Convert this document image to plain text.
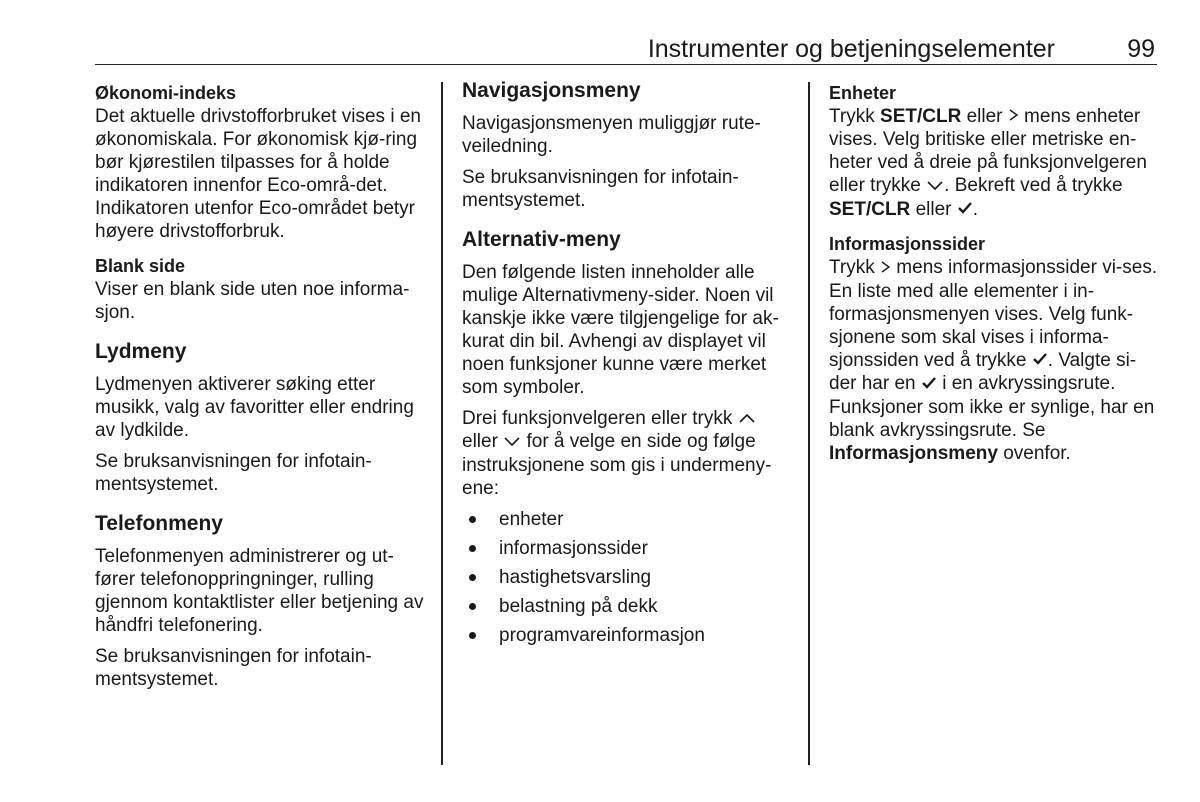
Instrumenter og betjeningselementer	99
Økonomi-indeks

Det aktuelle drivstofforbruket vises i en økonomiskala. For økonomisk kjø-ring bør kjørestilen tilpasses for å holde indikatoren innenfor Eco-områ-det. Indikatoren utenfor Eco-området betyr høyere drivstofforbruk.

Blank side

Viser en blank side uten noe informa-sjon.

Lydmeny

Lydmenyen aktiverer søking etter musikk, valg av favoritter eller endring av lydkilde.

Se bruksanvisningen for infotain-mentsystemet.

Telefonmeny

Telefonmenyen administrerer og ut-fører telefonoppringninger, rulling gjennom kontaktlister eller betjening av håndfri telefonering.

Se bruksanvisningen for infotain-mentsystemet.

Navigasjonsmeny

Navigasjonsmenyen muliggjør rute-veiledning.

Se bruksanvisningen for infotain-mentsystemet.

Alternativ-meny

Den følgende listen inneholder alle mulige Alternativmeny-sider. Noen vil kanskje ikke være tilgjengelige for ak-kurat din bil. Avhengi av displayet vil noen funksjoner kunne være merket som symboler.

Drei funksjonvelgeren eller trykk
eller for å velge en side og følge instruksjonene som gis i undermeny-ene:

enheter
informasjonssider
hastighetsvarsling
belastning på dekk
programvareinformasjon
Enheter

Trykk SET/CLR eller mens enheter vises. Velg britiske eller metriske en-heter ved å dreie på funksjonvelgeren eller trykke . Bekreft ved å trykke SET/CLR eller .

Informasjonssider

Trykk mens informasjonssider vi-ses. En liste med alle elementer i in-formasjonsmenyen vises. Velg funk-sjonene som skal vises i informa-sjonssiden ved å trykke . Valgte si-der har en i en avkryssingsrute. Funksjoner som ikke er synlige, har en blank avkryssingsrute. Se Informasjonsmeny ovenfor.
